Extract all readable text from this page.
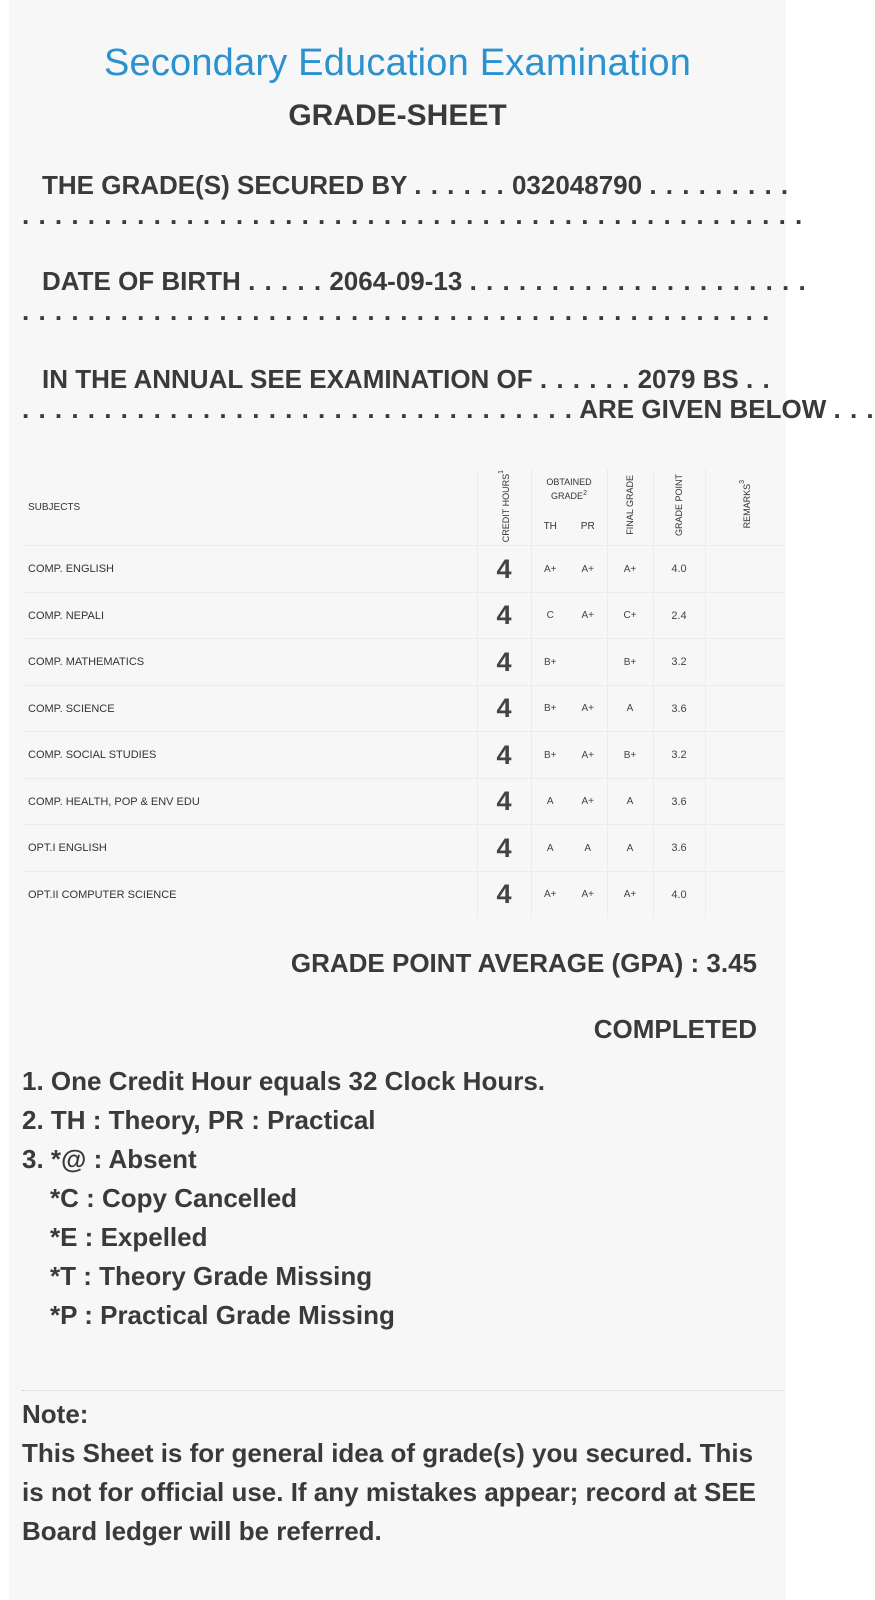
Secondary Education Examination
GRADE-SHEET
THE GRADE(S) SECURED BY . . . . . . 032048790 . . . . . . . . .
. . . . . . . . . . . . . . . . . . . . . . . . . . . . . . . . . . . . . . . . . . . . . . . .
DATE OF BIRTH . . . . . 2064-09-13 . . . . . . . . . . . . . . . . . . . . .
. . . . . . . . . . . . . . . . . . . . . . . . . . . . . . . . . . . . . . . . . . . . . .
IN THE ANNUAL SEE EXAMINATION OF . . . . . . 2079 BS . .
. . . . . . . . . . . . . . . . . . . . . . . . . . . . . . . . . . ARE GIVEN BELOW . . .
SUBJECTS	CREDIT HOURS$^1$	OBTAINED GRADE$^2$		FINAL GRADE	GRADE POINT	REMARKS$^3$
		TH	PR			
COMP. ENGLISH	4	A+	A+	A+	4.0	
COMP. NEPALI	4	C	A+	C+	2.4	
COMP. MATHEMATICS	4	B+		B+	3.2	
COMP. SCIENCE	4	B+	A+	A	3.6	
COMP. SOCIAL STUDIES	4	B+	A+	B+	3.2	
COMP. HEALTH, POP & ENV EDU	4	A	A+	A	3.6	
OPT.I ENGLISH	4	A	A	A	3.6	
OPT.II COMPUTER SCIENCE	4	A+	A+	A+	4.0	
GRADE POINT AVERAGE (GPA) : 3.45
COMPLETED
1. One Credit Hour equals 32 Clock Hours.
2. TH : Theory, PR : Practical
3. *@ : Absent
*C : Copy Cancelled
*E : Expelled
*T : Theory Grade Missing
*P : Practical Grade Missing
Note:
This Sheet is for general idea of grade(s) you secured. This is not for official use. If any mistakes appear; record at SEE Board ledger will be referred.
